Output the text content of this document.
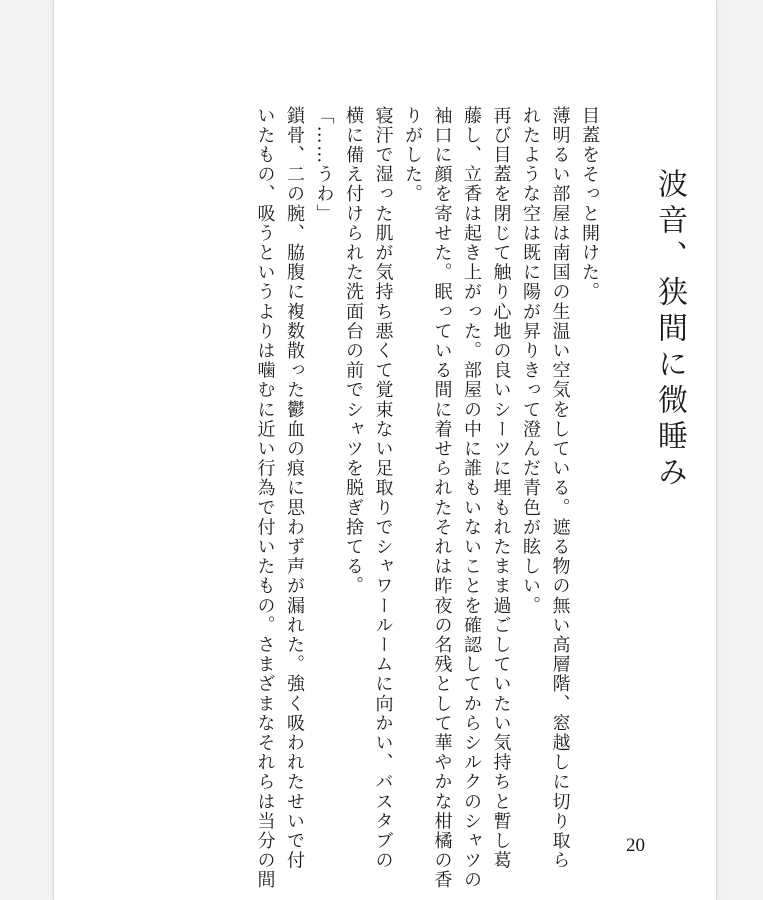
波音、狭間に微睡み
目蓋をそっと開けた。
薄明るい部屋は南国の生温い空気をしている。遮る物の無い高層階、窓越しに切り取ら
れたような空は既に陽が昇りきって澄んだ青色が眩しい。
再び目蓋を閉じて触り心地の良いシーツに埋もれたまま過ごしていたい気持ちと暫し葛
藤し、立香は起き上がった。部屋の中に誰もいないことを確認してからシルクのシャツの
袖口に顔を寄せた。眠っている間に着せられたそれは昨夜の名残として華やかな柑橘の香
りがした。
寝汗で湿った肌が気持ち悪くて覚束ない足取りでシャワールームに向かい、バスタブの
横に備え付けられた洗面台の前でシャツを脱ぎ捨てる。
「……うわ」
鎖骨、二の腕、脇腹に複数散った鬱血の痕に思わず声が漏れた。強く吸われたせいで付
いたもの、吸うというよりは噛むに近い行為で付いたもの。さまざまなそれらは当分の間	20
